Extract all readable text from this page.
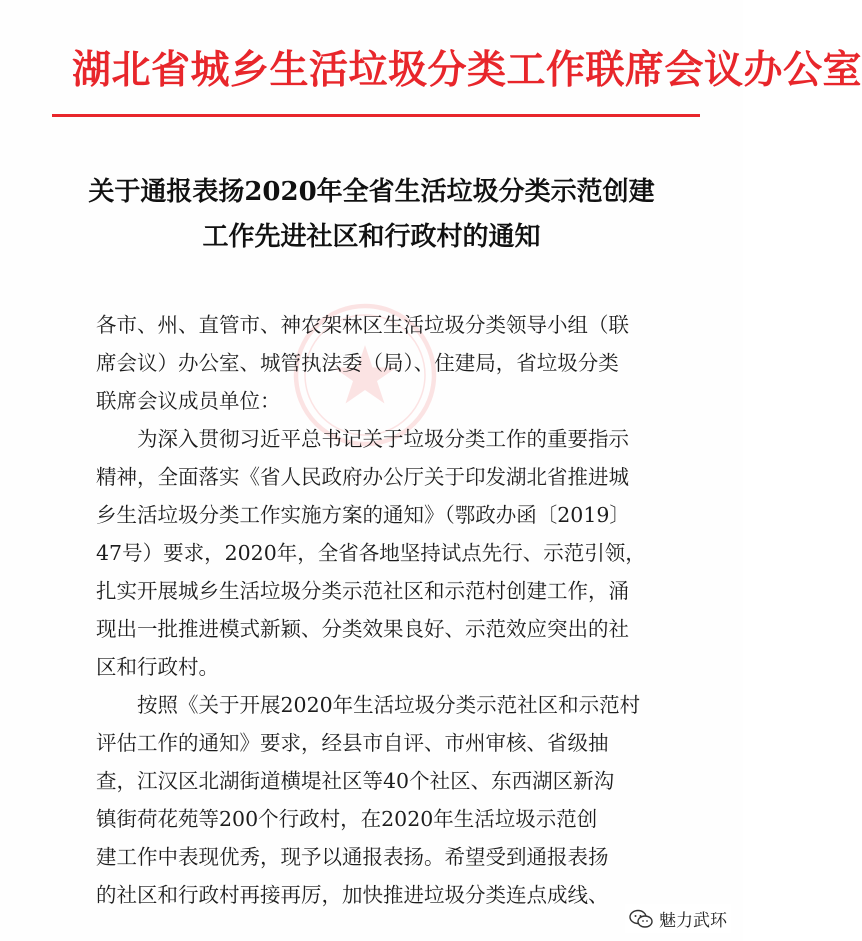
湖北省城乡生活垃圾分类工作联席会议办公室
关于通报表扬2020年全省生活垃圾分类示范创建
工作先进社区和行政村的通知
各市、州、直管市、神农架林区生活垃圾分类领导小组（联
席会议）办公室、城管执法委（局）、住建局，省垃圾分类
联席会议成员单位：
为深入贯彻习近平总书记关于垃圾分类工作的重要指示
精神，全面落实《省人民政府办公厅关于印发湖北省推进城
乡生活垃圾分类工作实施方案的通知》（鄂政办函〔2019〕
47号）要求，2020年，全省各地坚持试点先行、示范引领，
扎实开展城乡生活垃圾分类示范社区和示范村创建工作，涌
现出一批推进模式新颖、分类效果良好、示范效应突出的社
区和行政村。
按照《关于开展2020年生活垃圾分类示范社区和示范村
评估工作的通知》要求，经县市自评、市州审核、省级抽
查，江汉区北湖街道横堤社区等40个社区、东西湖区新沟
镇街荷花苑等200个行政村，在2020年生活垃圾示范创
建工作中表现优秀，现予以通报表扬。希望受到通报表扬
的社区和行政村再接再厉，加快推进垃圾分类连点成线、
魅力武环
